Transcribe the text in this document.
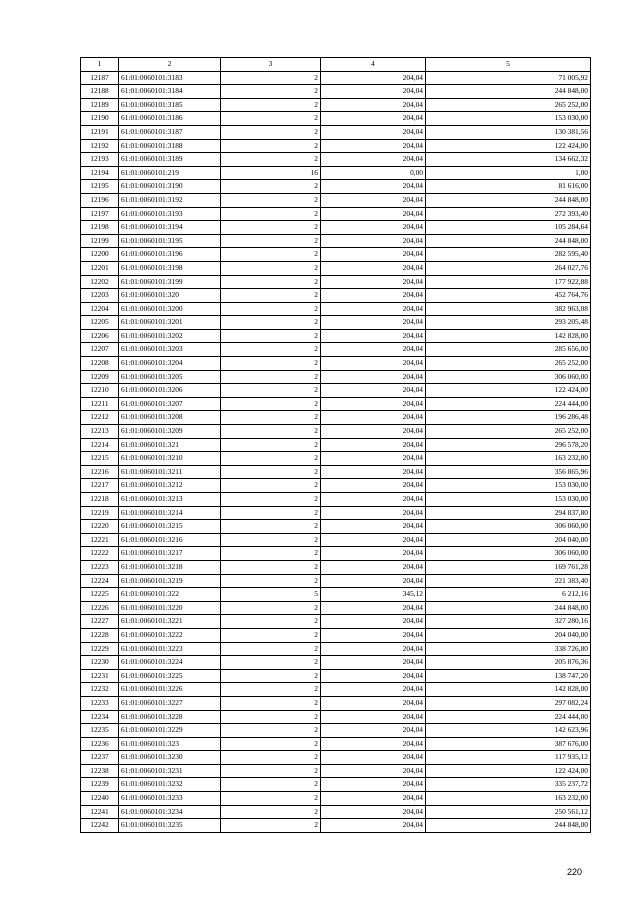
1	2	3	4	5
12187	61:01:0060101:3183	2	204,04	71 005,92
12188	61:01:0060101:3184	2	204,04	244 848,00
12189	61:01:0060101:3185	2	204,04	265 252,00
12190	61:01:0060101:3186	2	204,04	153 030,00
12191	61:01:0060101:3187	2	204,04	130 381,56
12192	61:01:0060101:3188	2	204,04	122 424,00
12193	61:01:0060101:3189	2	204,04	134 662,32
12194	61:01:0060101:219	16	0,00	1,00
12195	61:01:0060101:3190	2	204,04	81 616,00
12196	61:01:0060101:3192	2	204,04	244 848,00
12197	61:01:0060101:3193	2	204,04	272 393,40
12198	61:01:0060101:3194	2	204,04	105 284,64
12199	61:01:0060101:3195	2	204,04	244 848,00
12200	61:01:0060101:3196	2	204,04	282 595,40
12201	61:01:0060101:3198	2	204,04	264 027,76
12202	61:01:0060101:3199	2	204,04	177 922,88
12203	61:01:0060101:320	2	204,04	452 764,76
12204	61:01:0060101:3200	2	204,04	382 963,08
12205	61:01:0060101:3201	2	204,04	293 205,48
12206	61:01:0060101:3202	2	204,04	142 828,00
12207	61:01:0060101:3203	2	204,04	285 656,00
12208	61:01:0060101:3204	2	204,04	265 252,00
12209	61:01:0060101:3205	2	204,04	306 060,00
12210	61:01:0060101:3206	2	204,04	122 424,00
12211	61:01:0060101:3207	2	204,04	224 444,00
12212	61:01:0060101:3208	2	204,04	196 286,48
12213	61:01:0060101:3209	2	204,04	265 252,00
12214	61:01:0060101:321	2	204,04	296 578,20
12215	61:01:0060101:3210	2	204,04	163 232,00
12216	61:01:0060101:3211	2	204,04	356 865,96
12217	61:01:0060101:3212	2	204,04	153 030,00
12218	61:01:0060101:3213	2	204,04	153 030,00
12219	61:01:0060101:3214	2	204,04	294 837,80
12220	61:01:0060101:3215	2	204,04	306 060,00
12221	61:01:0060101:3216	2	204,04	204 040,00
12222	61:01:0060101:3217	2	204,04	306 060,00
12223	61:01:0060101:3218	2	204,04	169 761,28
12224	61:01:0060101:3219	2	204,04	221 383,40
12225	61:01:0060101:322	5	345,12	6 212,16
12226	61:01:0060101:3220	2	204,04	244 848,00
12227	61:01:0060101:3221	2	204,04	327 280,16
12228	61:01:0060101:3222	2	204,04	204 040,00
12229	61:01:0060101:3223	2	204,04	338 726,80
12230	61:01:0060101:3224	2	204,04	205 876,36
12231	61:01:0060101:3225	2	204,04	138 747,20
12232	61:01:0060101:3226	2	204,04	142 828,00
12233	61:01:0060101:3227	2	204,04	297 082,24
12234	61:01:0060101:3228	2	204,04	224 444,00
12235	61:01:0060101:3229	2	204,04	142 623,96
12236	61:01:0060101:323	2	204,04	387 676,00
12237	61:01:0060101:3230	2	204,04	117 935,12
12238	61:01:0060101:3231	2	204,04	122 424,00
12239	61:01:0060101:3232	2	204,04	335 237,72
12240	61:01:0060101:3233	2	204,04	163 232,00
12241	61:01:0060101:3234	2	204,04	250 561,12
12242	61:01:0060101:3235	2	204,04	244 848,00
220
